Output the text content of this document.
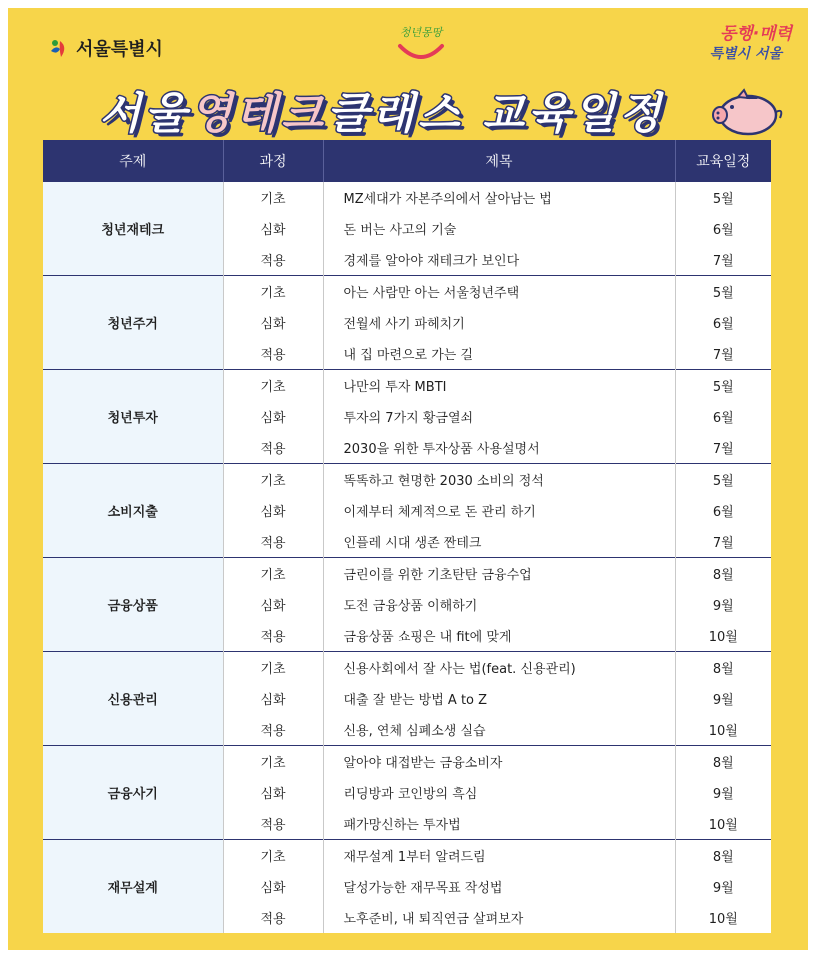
서울특별시
청년몽땅	동행·매력
특별시 서울
서울 영테크 클래스 교육일정
주제	과정	제목	교육일정
청년재테크	기초	MZ세대가 자본주의에서 살아남는 법	5월
	심화	돈 버는 사고의 기술	6월
	적용	경제를 알아야 재테크가 보인다	7월
청년주거	기초	아는 사람만 아는 서울청년주택	5월
	심화	전월세 사기 파헤치기	6월
	적용	내 집 마련으로 가는 길	7월
청년투자	기초	나만의 투자 MBTI	5월
	심화	투자의 7가지 황금열쇠	6월
	적용	2030을 위한 투자상품 사용설명서	7월
소비지출	기초	똑똑하고 현명한 2030 소비의 정석	5월
	심화	이제부터 체계적으로 돈 관리 하기	6월
	적용	인플레 시대 생존 짠테크	7월
금융상품	기초	금린이를 위한 기초탄탄 금융수업	8월
	심화	도전 금융상품 이해하기	9월
	적용	금융상품 쇼핑은 내 fit에 맞게	10월
신용관리	기초	신용사회에서 잘 사는 법(feat. 신용관리)	8월
	심화	대출 잘 받는 방법 A to Z	9월
	적용	신용, 연체 심폐소생 실습	10월
금융사기	기초	알아야 대접받는 금융소비자	8월
	심화	리딩방과 코인방의 흑심	9월
	적용	패가망신하는 투자법	10월
재무설계	기초	재무설계 1부터 알려드림	8월
	심화	달성가능한 재무목표 작성법	9월
	적용	노후준비, 내 퇴직연금 살펴보자	10월
